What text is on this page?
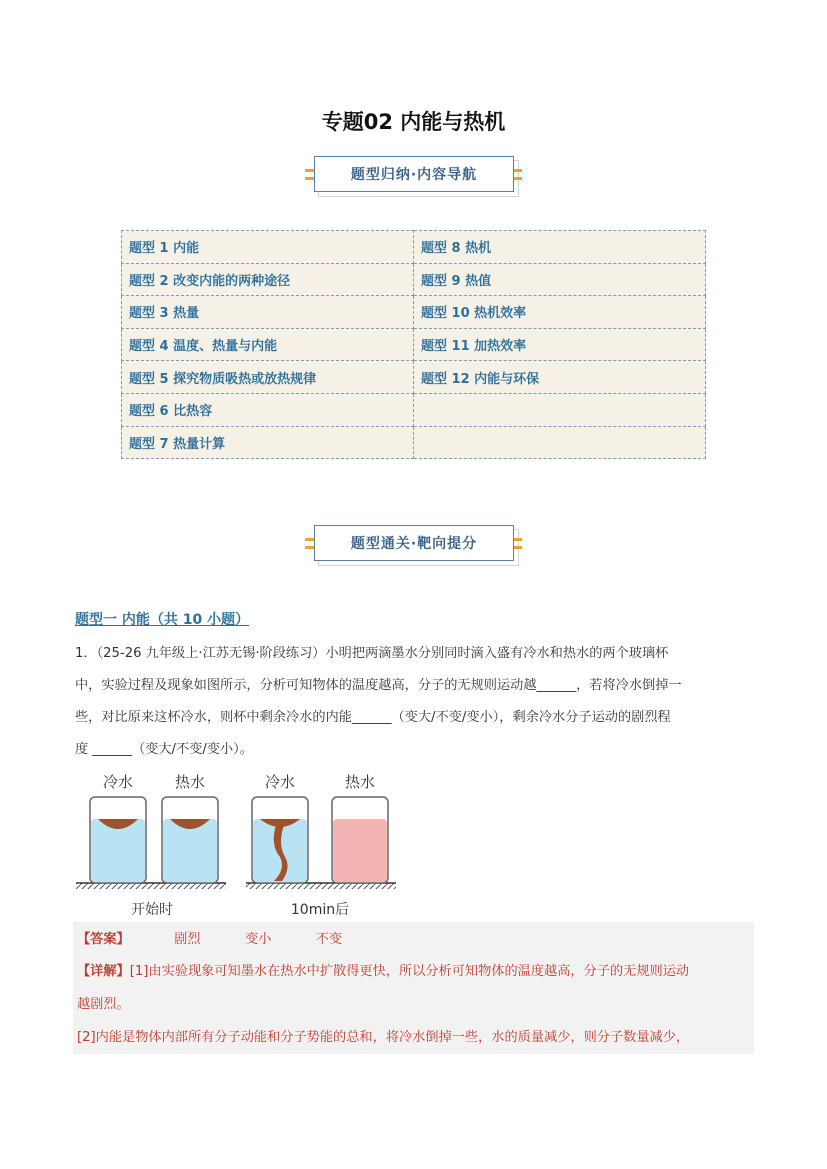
专题02 内能与热机
题型归纳·内容导航
题型 1 内能	题型 8 热机
题型 2 改变内能的两种途径	题型 9 热值
题型 3 热量	题型 10 热机效率
题型 4 温度、热量与内能	题型 11 加热效率
题型 5 探究物质吸热或放热规律	题型 12 内能与环保
题型 6 比热容	
题型 7 热量计算	
题型通关·靶向提分
题型一 内能（共 10 小题）
1．（25-26 九年级上·江苏无锡·阶段练习）小明把两滴墨水分别同时滴入盛有冷水和热水的两个玻璃杯
中，实验过程及现象如图所示，分析可知物体的温度越高，分子的无规则运动越______，若将冷水倒掉一
些，对比原来这杯冷水，则杯中剩余冷水的内能______（变大/不变/变小），剩余冷水分子运动的剧烈程
度 ______（变大/不变/变小）。
冷水	热水	冷水	热水
开始时	10min后
【答案】	剧烈	变小	不变
【详解】[1]由实验现象可知墨水在热水中扩散得更快，所以分析可知物体的温度越高，分子的无规则运动
越剧烈。
[2]内能是物体内部所有分子动能和分子势能的总和，将冷水倒掉一些，水的质量减少，则分子数量减少，
